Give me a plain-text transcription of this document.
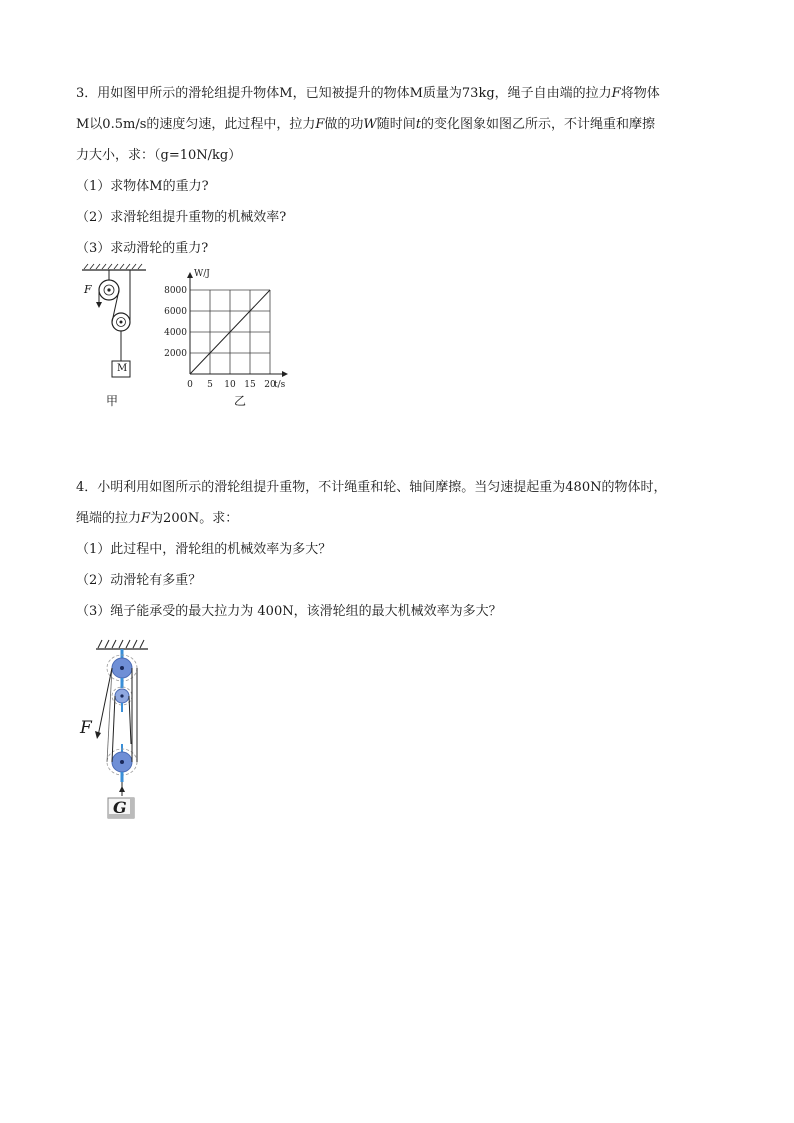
3．用如图甲所示的滑轮组提升物体M，已知被提升的物体M质量为73kg，绳子自由端的拉力F将物体
M以0.5m/s的速度匀速，此过程中，拉力F做的功W随时间t的变化图象如图乙所示，不计绳重和摩擦
力大小，求：（g=10N/kg）
（1）求物体M的重力?
（2）求滑轮组提升重物的机械效率?
（3）求动滑轮的重力?
F
M
甲
0 5 10 15 20
2000
4000
6000
8000
W/J
t/s
乙
4．小明利用如图所示的滑轮组提升重物，不计绳重和轮、轴间摩擦。当匀速提起重为480N的物体时，
绳端的拉力F为200N。求：
（1）此过程中，滑轮组的机械效率为多大？
（2）动滑轮有多重？
（3）绳子能承受的最大拉力为 400N，该滑轮组的最大机械效率为多大？
F
G
